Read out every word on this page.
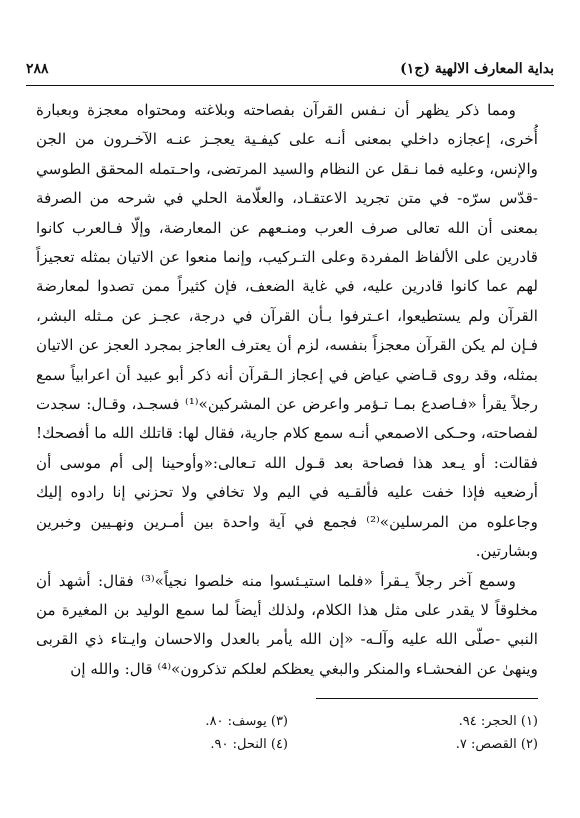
بداية المعارف الالهية (ج١)
٢٨٨

ومما ذكر يظهر أن نـفس القرآن بفصاحته وبلاغته ومحتواه معجزة وبعبارة أُخرى، إعجازه داخلي بمعنى أنـه على كيفـية يعجـز عنـه الآخـرون من الجن والإنس، وعليه فما نـقل عن النظام والسيد المرتضى، واحـتمله المحقق الطوسي -قدّس سرّه- في متن تجريد الاعتقـاد، والعلّامة الحلي في شرحه من الصرفة بمعنى أن الله تعالى صرف العرب ومنـعهم عن المعارضة، وإلّا فـالعرب كانوا قادرين على الألفاظ المفردة وعلى التـركيب، وإنما منعوا عن الاتيان بمثله تعجيزاً لهم عما كانوا قادرين عليه، في غاية الضعف، فإن كثيراً ممن تصدوا لمعارضة القرآن ولم يستطيعوا، اعـترفوا بـأن القرآن في درجة، عجـز عن مـثله البشر، فـإن لم يكن القرآن معجزاً بنفسه، لزم أن يعترف العاجز بمجرد العجز عن الاتيان بمثله، وقد روى قـاضي عياض في إعجاز الـقرآن أنه ذكر أبو عبيد أن اعرابياً سمع رجلاً يقرأ «فـاصدع بمـا تـؤمر واعرض عن المشركين»⁽¹⁾ فسجـد، وقـال: سجدت لفصاحته، وحـكى الاصمعي أنـه سمع كلام جارية، فقال لها: قاتلك الله ما أفصحك! فقالت: أو يـعد هذا فصاحة بعد قـول الله تـعالى:«وأوحينا إلى أم موسى أن أرضعيه فإذا خفت عليه فألقـيه في اليم ولا تخافي ولا تحزني إنا رادوه إليك وجاعلوه من المرسلين»⁽²⁾ فجمع في آية واحدة بين أمـرين ونهـيين وخبرين وبشارتين.

وسمع آخر رجلاً يـقرأ «فلما استيـئسوا منه خلصوا نجياً»⁽³⁾ فقال: أشهد أن مخلوقاً لا يقدر على مثل هذا الكلام، ولذلك أيضاً لما سمع الوليد بن المغيرة من النبي -صلّى الله عليه وآلـه- «إن الله يأمر بالعدل والاحسان وايـتاء ذي القربى وينهىٰ عن الفحشـاء والمنكر والبغي يعظكم لعلكم تذكرون»⁽⁴⁾ قال: والله إن

(١) الحجر: ٩٤.
(٣) يوسف: ٨٠.
(٢) القصص: ٧.
(٤) النحل: ٩٠.
